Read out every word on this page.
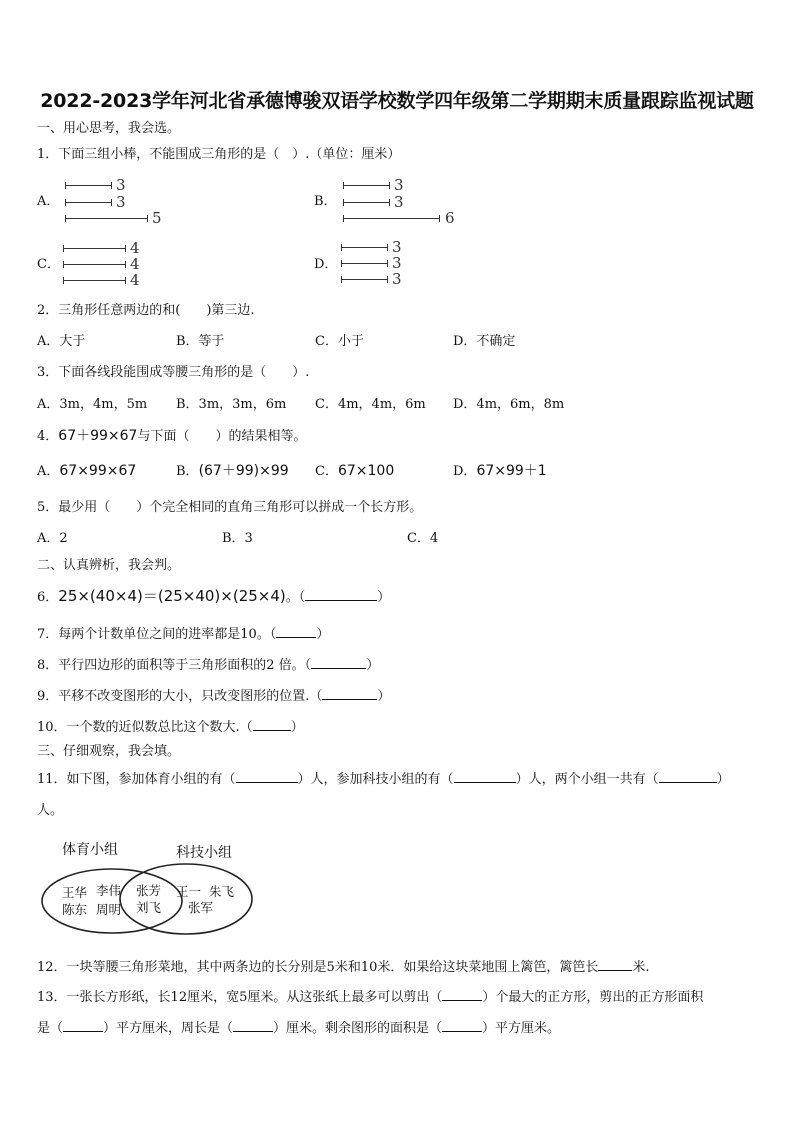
2022-2023学年河北省承德博骏双语学校数学四年级第二学期期末质量跟踪监视试题
一、用心思考，我会选。
1．下面三组小棒，不能围成三角形的是（　）.（单位：厘米）
A．
3
3
5
B．
3
3
6
C．
4
4
4
D．
3
3
3
2．三角形任意两边的和(　　)第三边.
A．大于	B．等于	C．小于	D．不确定
3．下面各线段能围成等腰三角形的是（　　）.
A．3m，4m，5m B．3m，3m，6m C．4m，4m，6m D．4m，6m，8m
4．67＋99×67与下面（　　）的结果相等。
A．67×99×67	B．(67＋99)×99 C．67×100	D．67×99＋1
5．最少用（　　）个完全相同的直角三角形可以拼成一个长方形。
A．2	B．3	C．4
二、认真辨析，我会判。
6．25×(40×4)＝(25×40)×(25×4)。（	）
7．每两个计数单位之间的进率都是10。（	）
8．平行四边形的面积等于三角形面积的2 倍。（	）
9．平移不改变图形的大小，只改变图形的位置.（	）
10．一个数的近似数总比这个数大.（	）
三、仔细观察，我会填。
11．如下图，参加体育小组的有（	）人，参加科技小组的有（	）人，两个小组一共有（	）
人。
体育小组	科技小组
王华 李伟
陈东 周明
张芳
刘飞
王一 朱飞
张军
12．一块等腰三角形菜地，其中两条边的长分别是5米和10米．如果给这块菜地围上篱笆，篱笆长	米.
13．一张长方形纸，长12厘米，宽5厘米。从这张纸上最多可以剪出（	）个最大的正方形，剪出的正方形面积
是（	）平方厘米，周长是（	）厘米。剩余图形的面积是（	）平方厘米。
